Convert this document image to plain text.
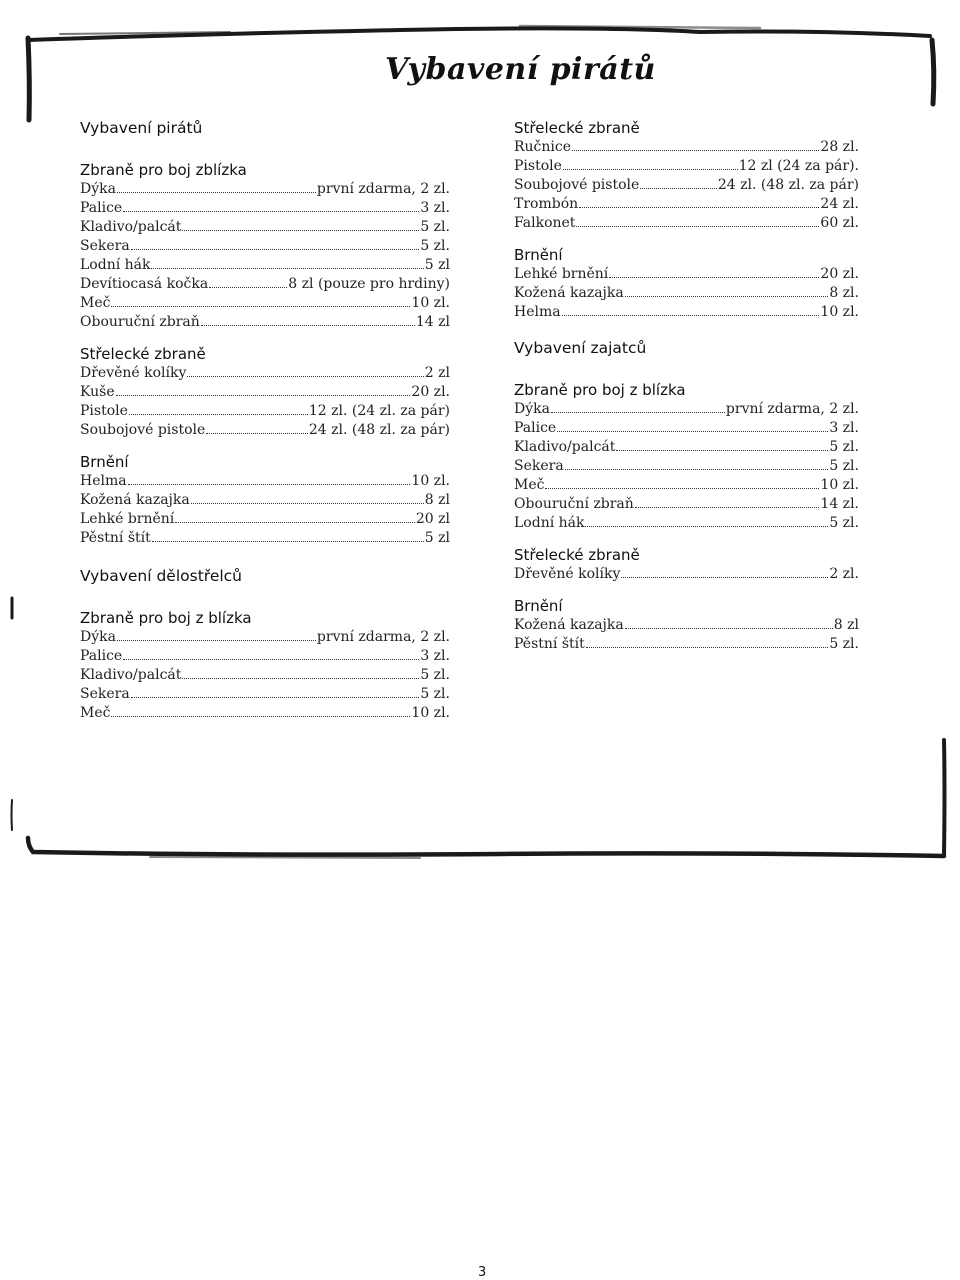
Vybavení pirátů
Vybavení pirátů
Zbraně pro boj zblízka
Dýka	první zdarma, 2 zl.
Palice	3 zl.
Kladivo/palcát	5 zl.
Sekera	5 zl.
Lodní hák	5 zl
Devítiocasá kočka	8 zl (pouze pro hrdiny)
Meč	10 zl.
Obouruční zbraň	14 zl
Střelecké zbraně
Dřevěné kolíky	2 zl
Kuše	20 zl.
Pistole	12 zl. (24 zl. za pár)
Soubojové pistole	24 zl. (48 zl. za pár)
Brnění
Helma	10 zl.
Kožená kazajka	8 zl
Lehké brnění	20 zl
Pěstní štít	5 zl
Vybavení dělostřelců
Zbraně pro boj z blízka
Dýka	první zdarma, 2 zl.
Palice	3 zl.
Kladivo/palcát	5 zl.
Sekera	5 zl.
Meč	10 zl.
Střelecké zbraně
Ručnice	28 zl.
Pistole	12 zl (24 za pár).
Soubojové pistole	24 zl. (48 zl. za pár)
Trombón	24 zl.
Falkonet	60 zl.
Brnění
Lehké brnění	20 zl.
Kožená kazajka	8 zl.
Helma	10 zl.
Vybavení zajatců
Zbraně pro boj z blízka
Dýka	první zdarma, 2 zl.
Palice	3 zl.
Kladivo/palcát	5 zl.
Sekera	5 zl.
Meč	10 zl.
Obouruční zbraň	14 zl.
Lodní hák	5 zl.
Střelecké zbraně
Dřevěné kolíky	2 zl.
Brnění
Kožená kazajka	8 zl
Pěstní štít	5 zl.
3
